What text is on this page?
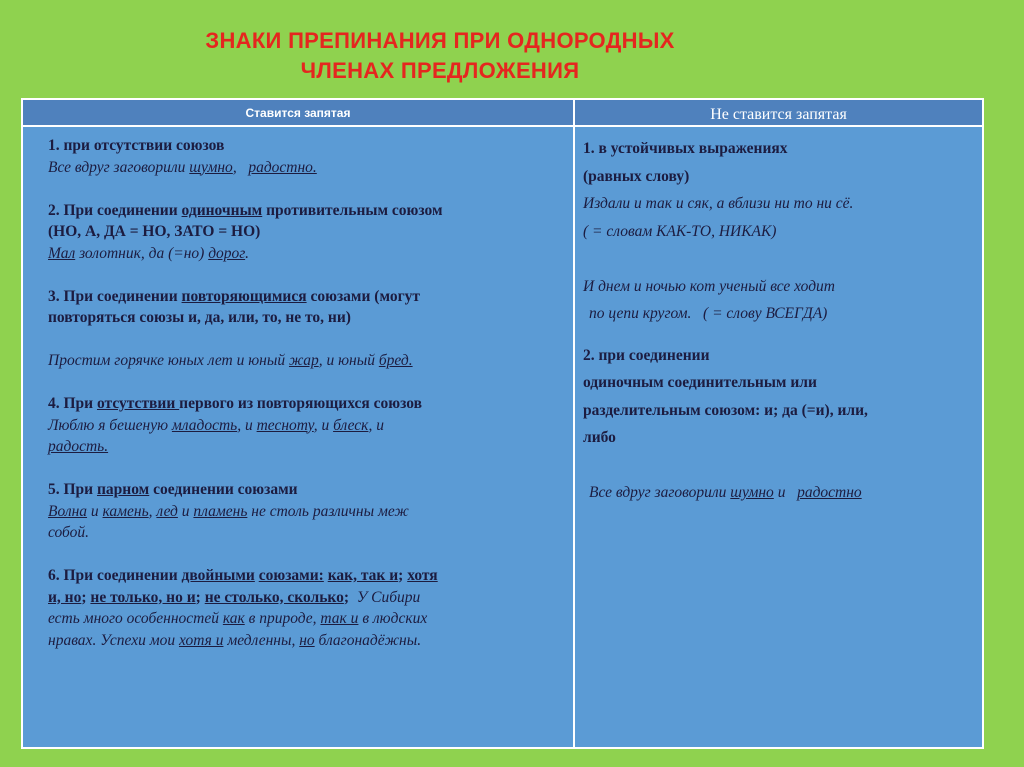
ЗНАКИ ПРЕПИНАНИЯ ПРИ ОДНОРОДНЫХ
ЧЛЕНАХ ПРЕДЛОЖЕНИЯ
Ставится запятая	Не ставится запятая
1. при отсутствии союзов
Все вдруг заговорили шумно,   радостно.
2. При соединении одиночным противительным союзом
(НО, А, ДА = НО, ЗАТО = НО)
Мал золотник, да (=но) дорог.
3. При соединении повторяющимися союзами (могут
повторяться союзы и, да, или, то, не то, ни)
Простим горячке юных лет и юный жар, и юный бред.
4. При отсутствии первого из повторяющихся союзов
Люблю я бешеную младость, и тесноту, и блеск, и
радость.
5. При парном соединении союзами
Волна и камень, лед и пламень не столь различны меж
собой.
6. При соединении двойными союзами: как, так и; хотя
и, но; не только, но и; не столько, сколько;  У Сибири
есть много особенностей как в природе, так и в людских
нравах. Успехи мои хотя и медленны, но благонадёжны.
1. в устойчивых выражениях
(равных слову)
Издали и так и сяк, а вблизи ни то ни сё.
( = словам КАК-ТО, НИКАК)
И днем и ночью кот ученый все ходит
по цепи кругом.   ( = слову ВСЕГДА)
2. при соединении
одиночным соединительным или
разделительным союзом: и; да (=и), или,
либо
Все вдруг заговорили шумно и   радостно
